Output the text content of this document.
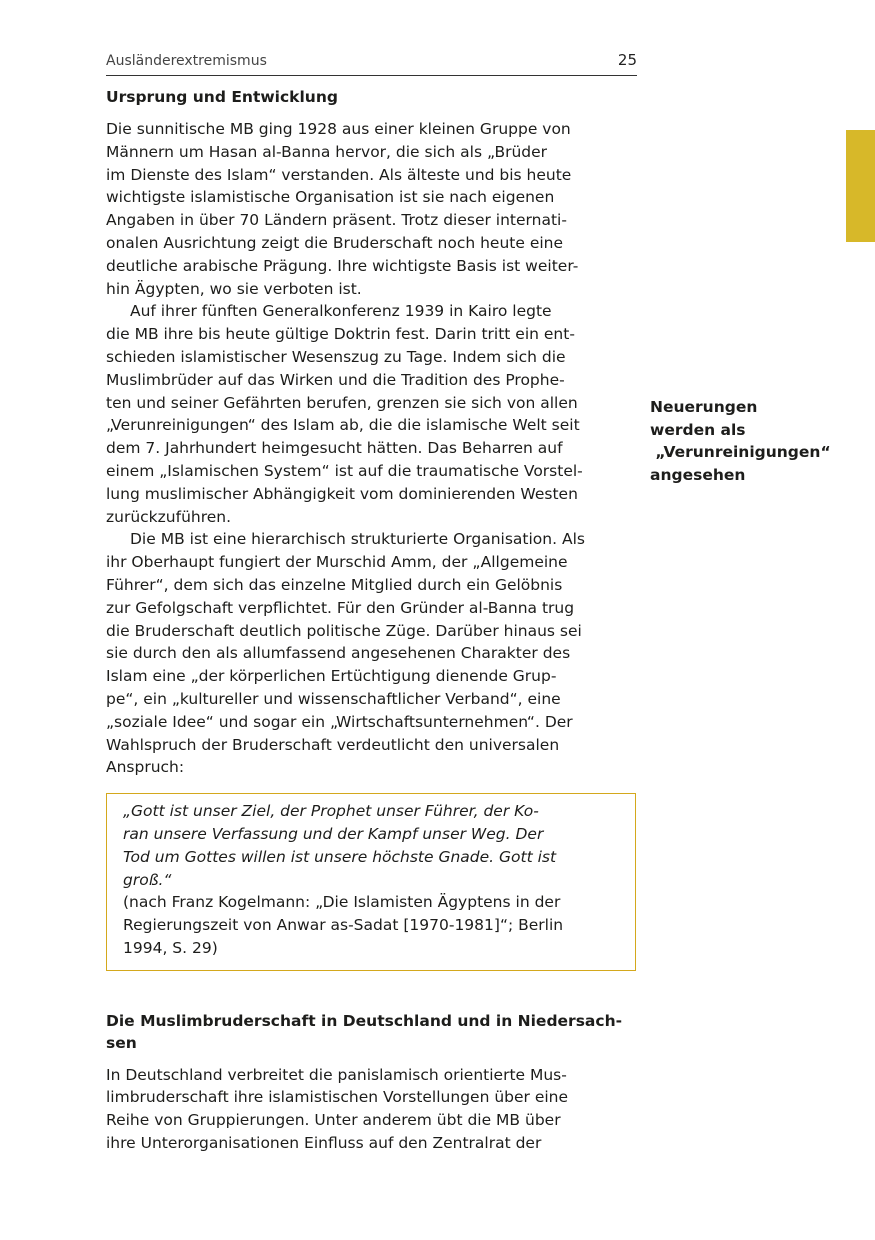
Ausländerextremismus	25

Ursprung und Entwicklung

Die sunnitische MB ging 1928 aus einer kleinen Gruppe von
Männern um Hasan al-Banna hervor, die sich als „Brüder
im Dienste des Islam“ verstanden. Als älteste und bis heute
wichtigste islamistische Organisation ist sie nach eigenen
Angaben in über 70 Ländern präsent. Trotz dieser internati-
onalen Ausrichtung zeigt die Bruderschaft noch heute eine
deutliche arabische Prägung. Ihre wichtigste Basis ist weiter-
hin Ägypten, wo sie verboten ist.

Auf ihrer fünften Generalkonferenz 1939 in Kairo legte
die MB ihre bis heute gültige Doktrin fest. Darin tritt ein ent-
schieden islamistischer Wesenszug zu Tage. Indem sich die
Muslimbrüder auf das Wirken und die Tradition des Prophe-
ten und seiner Gefährten berufen, grenzen sie sich von allen
„Verunreinigungen“ des Islam ab, die die islamische Welt seit
dem 7. Jahrhundert heimgesucht hätten. Das Beharren auf
einem „Islamischen System“ ist auf die traumatische Vorstel-
lung muslimischer Abhängigkeit vom dominierenden Westen
zurückzuführen.

Die MB ist eine hierarchisch strukturierte Organisation. Als
ihr Oberhaupt fungiert der Murschid Amm, der „Allgemeine
Führer“, dem sich das einzelne Mitglied durch ein Gelöbnis
zur Gefolgschaft verpflichtet. Für den Gründer al-Banna trug
die Bruderschaft deutlich politische Züge. Darüber hinaus sei
sie durch den als allumfassend angesehenen Charakter des
Islam eine „der körperlichen Ertüchtigung dienende Grup-
pe“, ein „kultureller und wissenschaftlicher Verband“, eine
„soziale Idee“ und sogar ein „Wirtschaftsunternehmen“. Der
Wahlspruch der Bruderschaft verdeutlicht den universalen
Anspruch:

„Gott ist unser Ziel, der Prophet unser Führer, der Ko-
ran unsere Verfassung und der Kampf unser Weg. Der
Tod um Gottes willen ist unsere höchste Gnade. Gott ist
groß.“
(nach Franz Kogelmann: „Die Islamisten Ägyptens in der
Regierungszeit von Anwar as-Sadat [1970-1981]“; Berlin
1994, S. 29)

Die Muslimbruderschaft in Deutschland und in Niedersach-
sen

In Deutschland verbreitet die panislamisch orientierte Mus-
limbruderschaft ihre islamistischen Vorstellungen über eine
Reihe von Gruppierungen. Unter anderem übt die MB über
ihre Unterorganisationen Einfluss auf den Zentralrat der

Neuerungen
werden als
„Verunreinigungen“
angesehen
